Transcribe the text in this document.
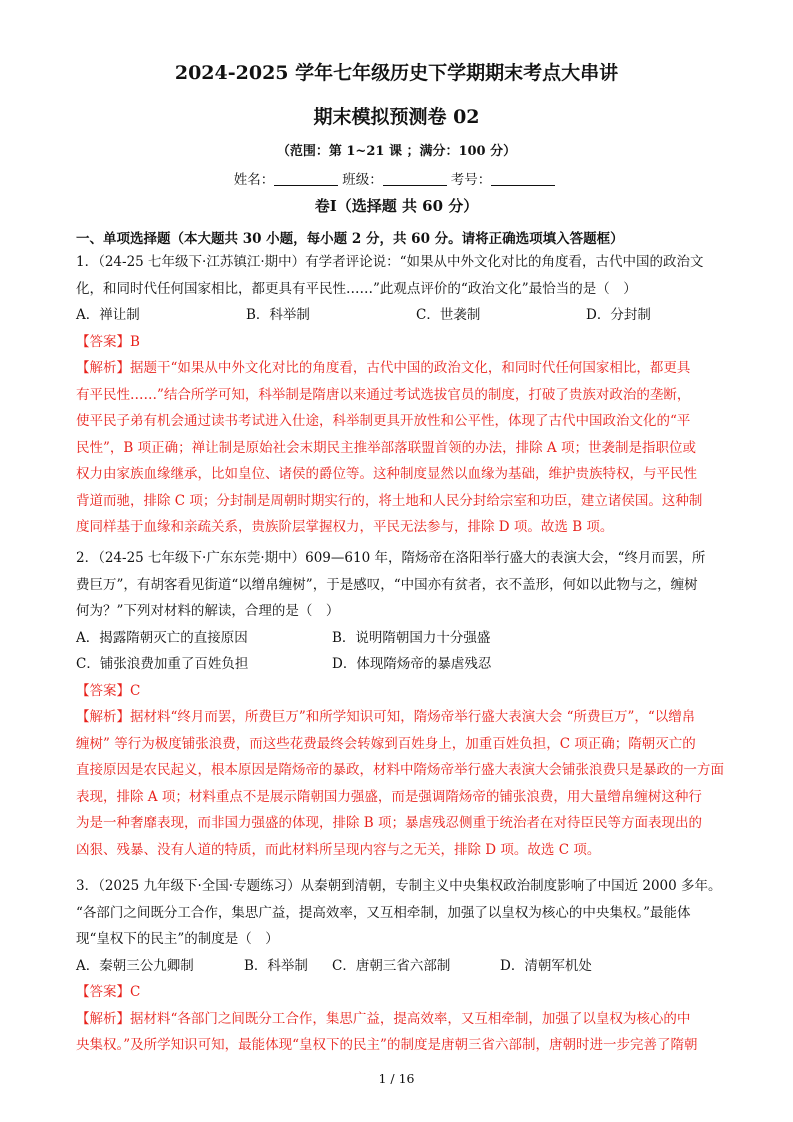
2024-2025 学年七年级历史下学期期末考点大串讲
期末模拟预测卷 02
（范围：第 1~21 课 ；满分：100 分）
姓名：	班级：	考号：
卷Ⅰ（选择题 共 60 分）
一、单项选择题（本大题共 30 小题，每小题 2 分，共 60 分。请将正确选项填入答题框）
1．（24-25 七年级下·江苏镇江·期中）有学者评论说：“如果从中外文化对比的角度看，古代中国的政治文
化，和同时代任何国家相比，都更具有平民性……”此观点评价的“政治文化”最恰当的是（　）
A．禅让制	B．科举制	C．世袭制	D．分封制
【答案】B
【解析】据题干“如果从中外文化对比的角度看，古代中国的政治文化，和同时代任何国家相比，都更具
有平民性……”结合所学可知，科举制是隋唐以来通过考试选拔官员的制度，打破了贵族对政治的垄断，
使平民子弟有机会通过读书考试进入仕途，科举制更具开放性和公平性，体现了古代中国政治文化的“平
民性”，B 项正确；禅让制是原始社会末期民主推举部落联盟首领的办法，排除 A 项；世袭制是指职位或
权力由家族血缘继承，比如皇位、诸侯的爵位等。这种制度显然以血缘为基础，维护贵族特权，与平民性
背道而驰，排除 C 项；分封制是周朝时期实行的，将土地和人民分封给宗室和功臣，建立诸侯国。这种制
度同样基于血缘和亲疏关系，贵族阶层掌握权力，平民无法参与，排除 D 项。故选 B 项。
2．（24-25 七年级下·广东东莞·期中）609—610 年，隋炀帝在洛阳举行盛大的表演大会，“终月而罢，所
费巨万”，有胡客看见街道“以缯帛缠树”，于是感叹，“中国亦有贫者，衣不盖形，何如以此物与之，缠树
何为？”下列对材料的解读，合理的是（　）
A．揭露隋朝灭亡的直接原因	B．说明隋朝国力十分强盛
C．铺张浪费加重了百姓负担	D．体现隋炀帝的暴虐残忍
【答案】C
【解析】据材料“终月而罢，所费巨万”和所学知识可知，隋炀帝举行盛大表演大会 “所费巨万”，“以缯帛
缠树” 等行为极度铺张浪费，而这些花费最终会转嫁到百姓身上，加重百姓负担，C 项正确；隋朝灭亡的
直接原因是农民起义，根本原因是隋炀帝的暴政，材料中隋炀帝举行盛大表演大会铺张浪费只是暴政的一方面
表现，排除 A 项；材料重点不是展示隋朝国力强盛，而是强调隋炀帝的铺张浪费，用大量缯帛缠树这种行
为是一种奢靡表现，而非国力强盛的体现，排除 B 项；暴虐残忍侧重于统治者在对待臣民等方面表现出的
凶狠、残暴、没有人道的特质，而此材料所呈现内容与之无关，排除 D 项。故选 C 项。
3．（2025 九年级下·全国·专题练习）从秦朝到清朝，专制主义中央集权政治制度影响了中国近 2000 多年。
“各部门之间既分工合作，集思广益，提高效率，又互相牵制，加强了以皇权为核心的中央集权。”最能体
现“皇权下的民主”的制度是（　）
A．秦朝三公九卿制	B．科举制	C．唐朝三省六部制	D．清朝军机处
【答案】C
【解析】据材料“各部门之间既分工合作，集思广益，提高效率，又互相牵制，加强了以皇权为核心的中
央集权。”及所学知识可知，最能体现“皇权下的民主”的制度是唐朝三省六部制，唐朝时进一步完善了隋朝
1 / 16
